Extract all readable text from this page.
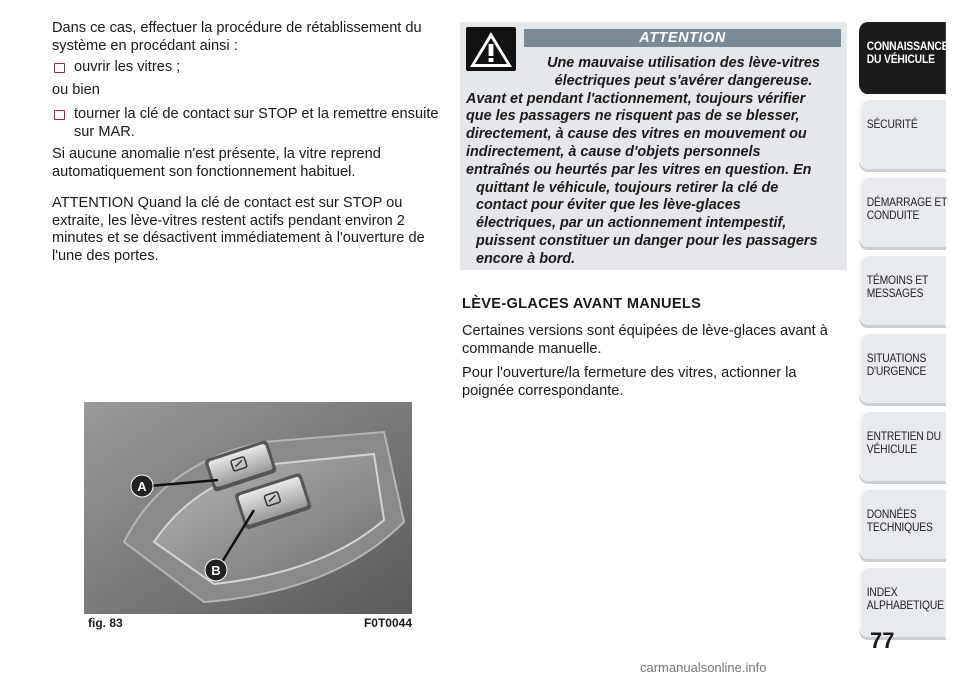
Dans ce cas, effectuer la procédure de rétablissement du système en procédant ainsi :

ouvrir les vitres ;

ou bien

tourner la clé de contact sur STOP et la remettre ensuite sur MAR.

Si aucune anomalie n'est présente, la vitre reprend automatiquement son fonctionnement habituel.

ATTENTION Quand la clé de contact est sur STOP ou extraite, les lève-vitres restent actifs pendant environ 2 minutes et se désactivent immédiatement à l'ouverture de l'une des portes.

ATTENTION
Une mauvaise utilisation des lève-vitres
électriques peut s'avérer dangereuse.
Avant et pendant l'actionnement, toujours vérifier
que les passagers ne risquent pas de se blesser,
directement, à cause des vitres en mouvement ou
indirectement, à cause d'objets personnels
entraînés ou heurtés par les vitres en question. En
quittant le véhicule, toujours retirer la clé de
contact pour éviter que les lève-glaces
électriques, par un actionnement intempestif,
puissent constituer un danger pour les passagers
encore à bord.
LÈVE-GLACES AVANT MANUELS

Certaines versions sont équipées de lève-glaces avant à commande manuelle.

Pour l'ouverture/la fermeture des vitres, actionner la poignée correspondante.

A
B
fig. 83	F0T0044
CONNAISSANCE
DU VÉHICULE
SÉCURITÉ
DÉMARRAGE ET
CONDUITE
TÉMOINS ET
MESSAGES
SITUATIONS
D'URGENCE
ENTRETIEN DU
VÉHICULE
DONNÉES
TECHNIQUES
INDEX
ALPHABETIQUE
77
carmanualsonline.info
